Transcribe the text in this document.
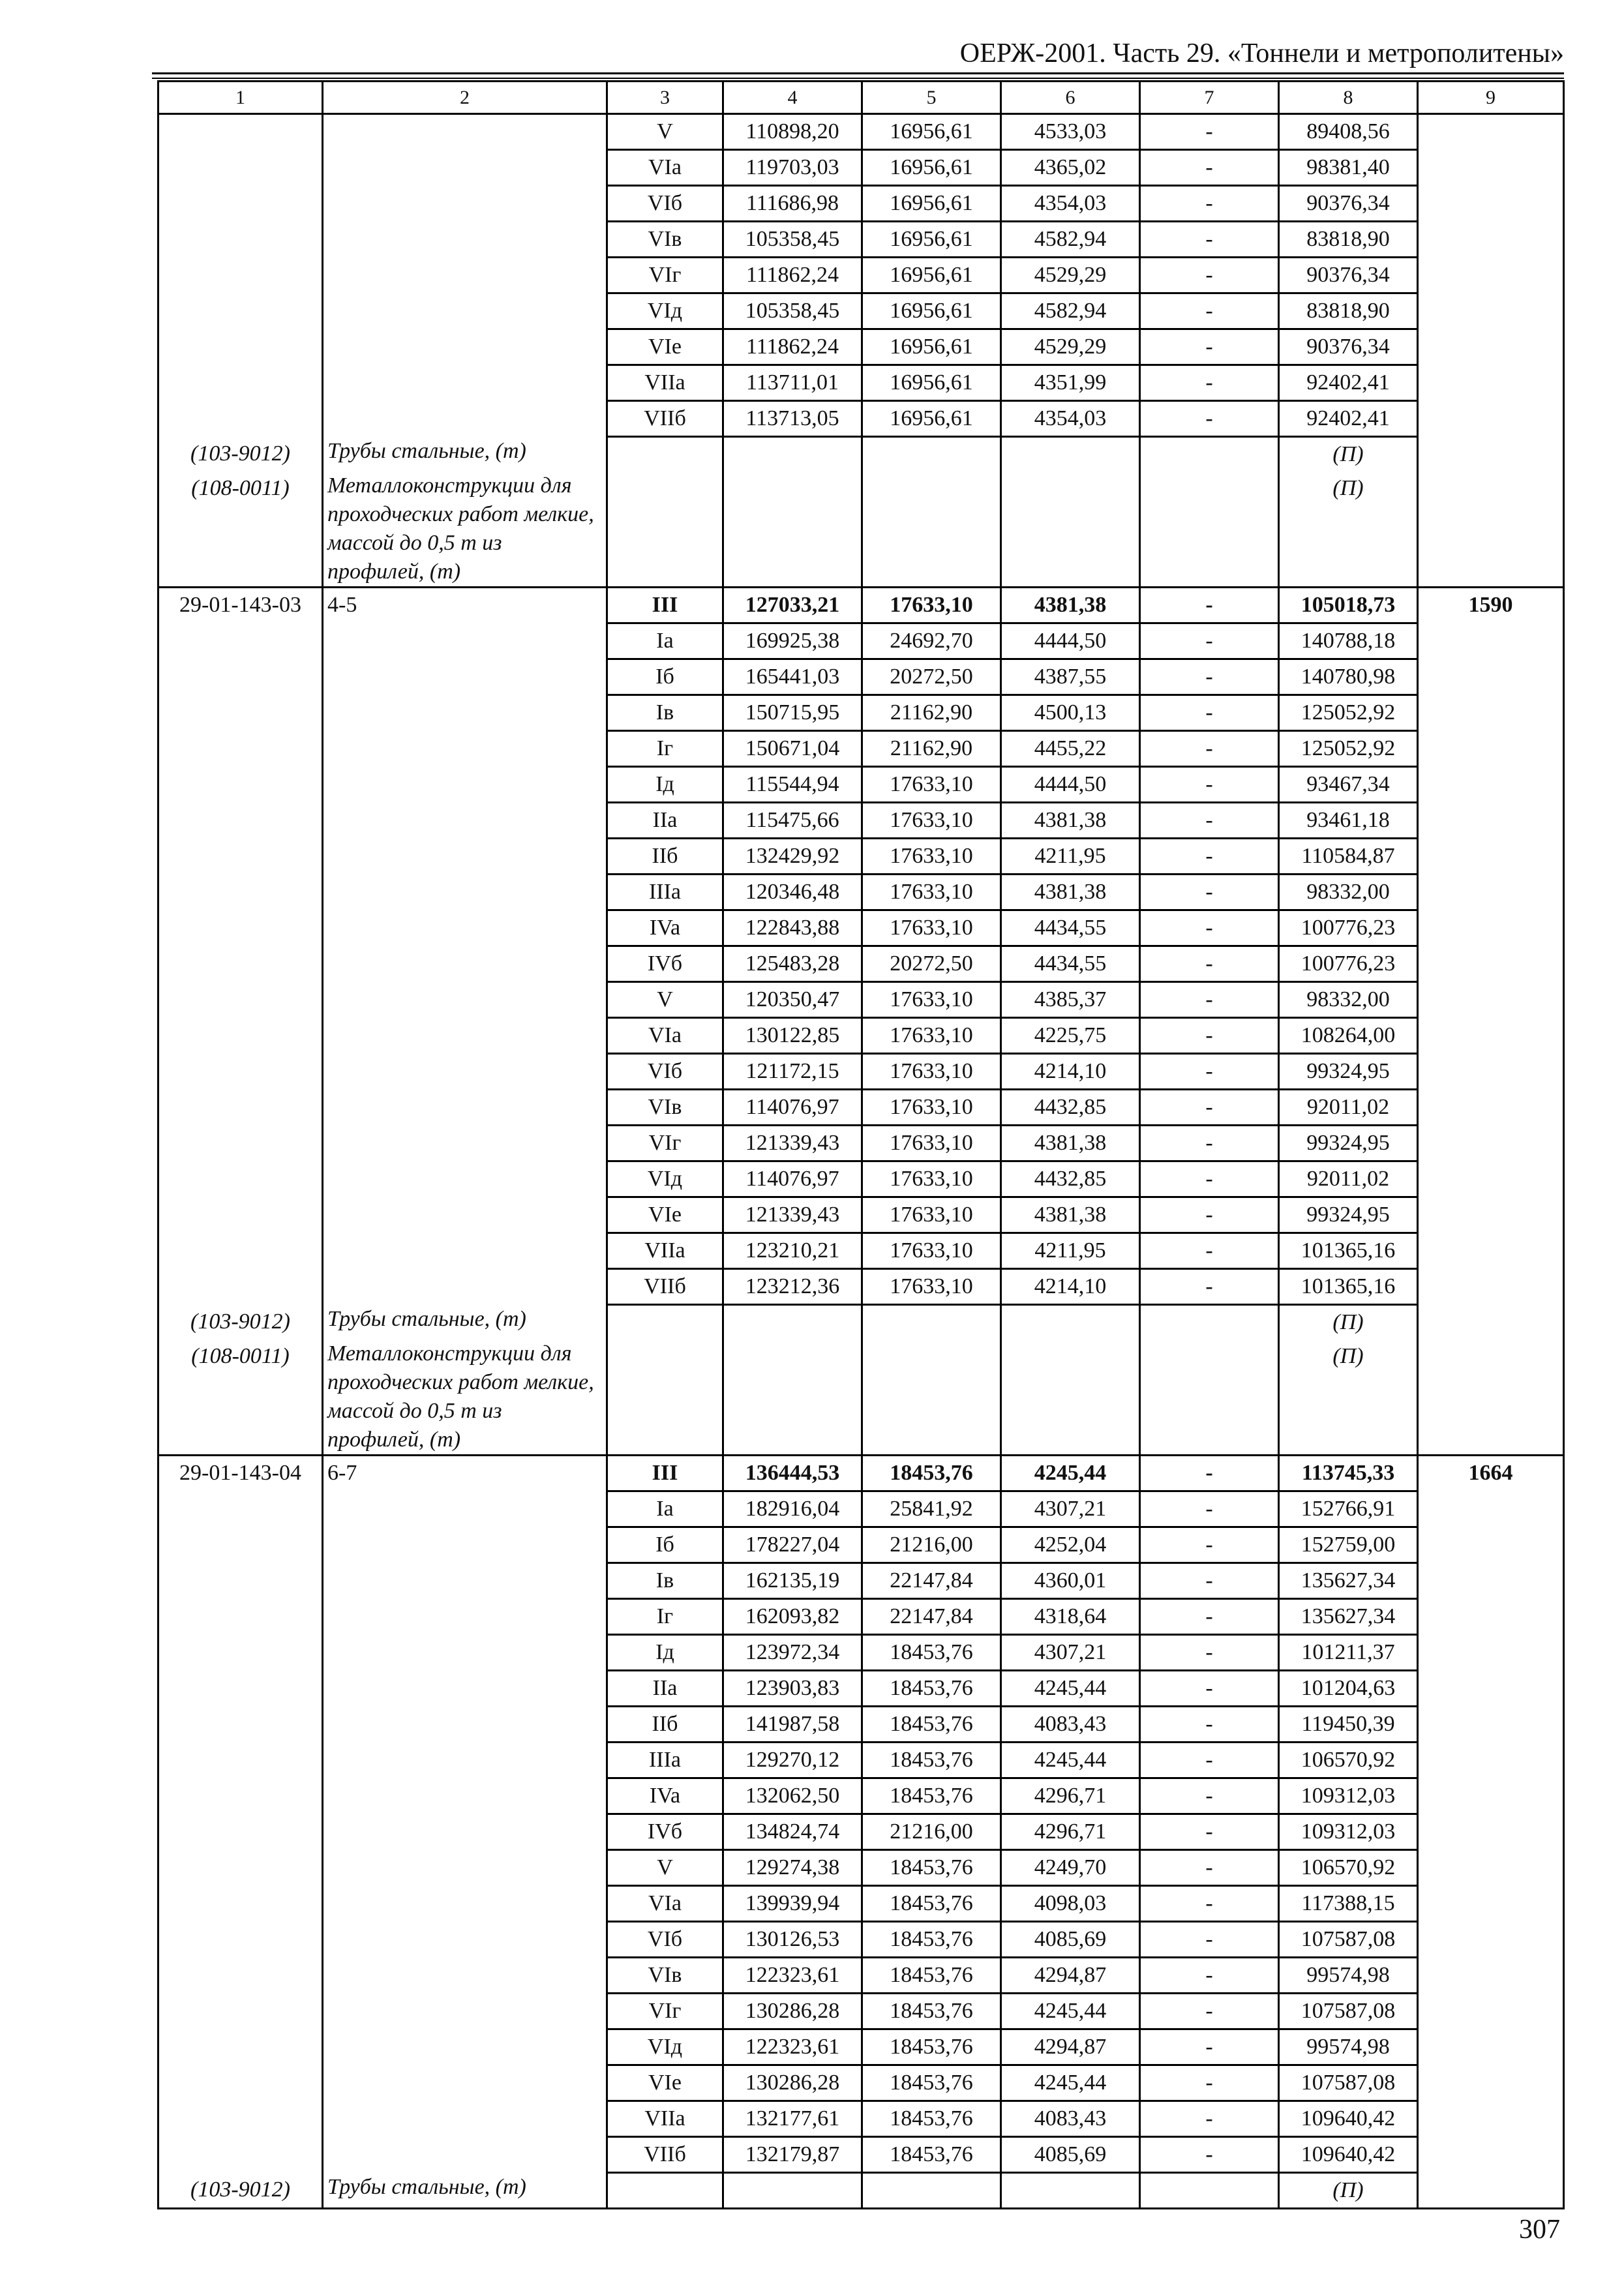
ОЕРЖ-2001. Часть 29. «Тоннели и метрополитены»
1	2	3	4	5	6	7	8	9
		V	110898,20	16956,61	4533,03	-	89408,56	
		VIa	119703,03	16956,61	4365,02	-	98381,40	
		VIб	111686,98	16956,61	4354,03	-	90376,34	
		VIв	105358,45	16956,61	4582,94	-	83818,90	
		VIг	111862,24	16956,61	4529,29	-	90376,34	
		VIд	105358,45	16956,61	4582,94	-	83818,90	
		VIe	111862,24	16956,61	4529,29	-	90376,34	
		VIIa	113711,01	16956,61	4351,99	-	92402,41	
		VIIб	113713,05	16956,61	4354,03	-	92402,41	
(103-9012)	Трубы стальные, (т)						(П)	
(108-0011)	Металлоконструкции для проходческих работ мелкие, массой до 0,5 т из профилей, (т)						(П)	
29-01-143-03	4-5	III	127033,21	17633,10	4381,38	-	105018,73	1590
		Ia	169925,38	24692,70	4444,50	-	140788,18	
		Iб	165441,03	20272,50	4387,55	-	140780,98	
		Iв	150715,95	21162,90	4500,13	-	125052,92	
		Iг	150671,04	21162,90	4455,22	-	125052,92	
		Iд	115544,94	17633,10	4444,50	-	93467,34	
		IIa	115475,66	17633,10	4381,38	-	93461,18	
		IIб	132429,92	17633,10	4211,95	-	110584,87	
		IIIa	120346,48	17633,10	4381,38	-	98332,00	
		IVa	122843,88	17633,10	4434,55	-	100776,23	
		IVб	125483,28	20272,50	4434,55	-	100776,23	
		V	120350,47	17633,10	4385,37	-	98332,00	
		VIa	130122,85	17633,10	4225,75	-	108264,00	
		VIб	121172,15	17633,10	4214,10	-	99324,95	
		VIв	114076,97	17633,10	4432,85	-	92011,02	
		VIг	121339,43	17633,10	4381,38	-	99324,95	
		VIд	114076,97	17633,10	4432,85	-	92011,02	
		VIe	121339,43	17633,10	4381,38	-	99324,95	
		VIIa	123210,21	17633,10	4211,95	-	101365,16	
		VIIб	123212,36	17633,10	4214,10	-	101365,16	
(103-9012)	Трубы стальные, (т)						(П)	
(108-0011)	Металлоконструкции для проходческих работ мелкие, массой до 0,5 т из профилей, (т)						(П)	
29-01-143-04	6-7	III	136444,53	18453,76	4245,44	-	113745,33	1664
		Ia	182916,04	25841,92	4307,21	-	152766,91	
		Iб	178227,04	21216,00	4252,04	-	152759,00	
		Iв	162135,19	22147,84	4360,01	-	135627,34	
		Iг	162093,82	22147,84	4318,64	-	135627,34	
		Iд	123972,34	18453,76	4307,21	-	101211,37	
		IIa	123903,83	18453,76	4245,44	-	101204,63	
		IIб	141987,58	18453,76	4083,43	-	119450,39	
		IIIa	129270,12	18453,76	4245,44	-	106570,92	
		IVa	132062,50	18453,76	4296,71	-	109312,03	
		IVб	134824,74	21216,00	4296,71	-	109312,03	
		V	129274,38	18453,76	4249,70	-	106570,92	
		VIa	139939,94	18453,76	4098,03	-	117388,15	
		VIб	130126,53	18453,76	4085,69	-	107587,08	
		VIв	122323,61	18453,76	4294,87	-	99574,98	
		VIг	130286,28	18453,76	4245,44	-	107587,08	
		VIд	122323,61	18453,76	4294,87	-	99574,98	
		VIe	130286,28	18453,76	4245,44	-	107587,08	
		VIIa	132177,61	18453,76	4083,43	-	109640,42	
		VIIб	132179,87	18453,76	4085,69	-	109640,42	
(103-9012)	Трубы стальные, (т)						(П)	
307
